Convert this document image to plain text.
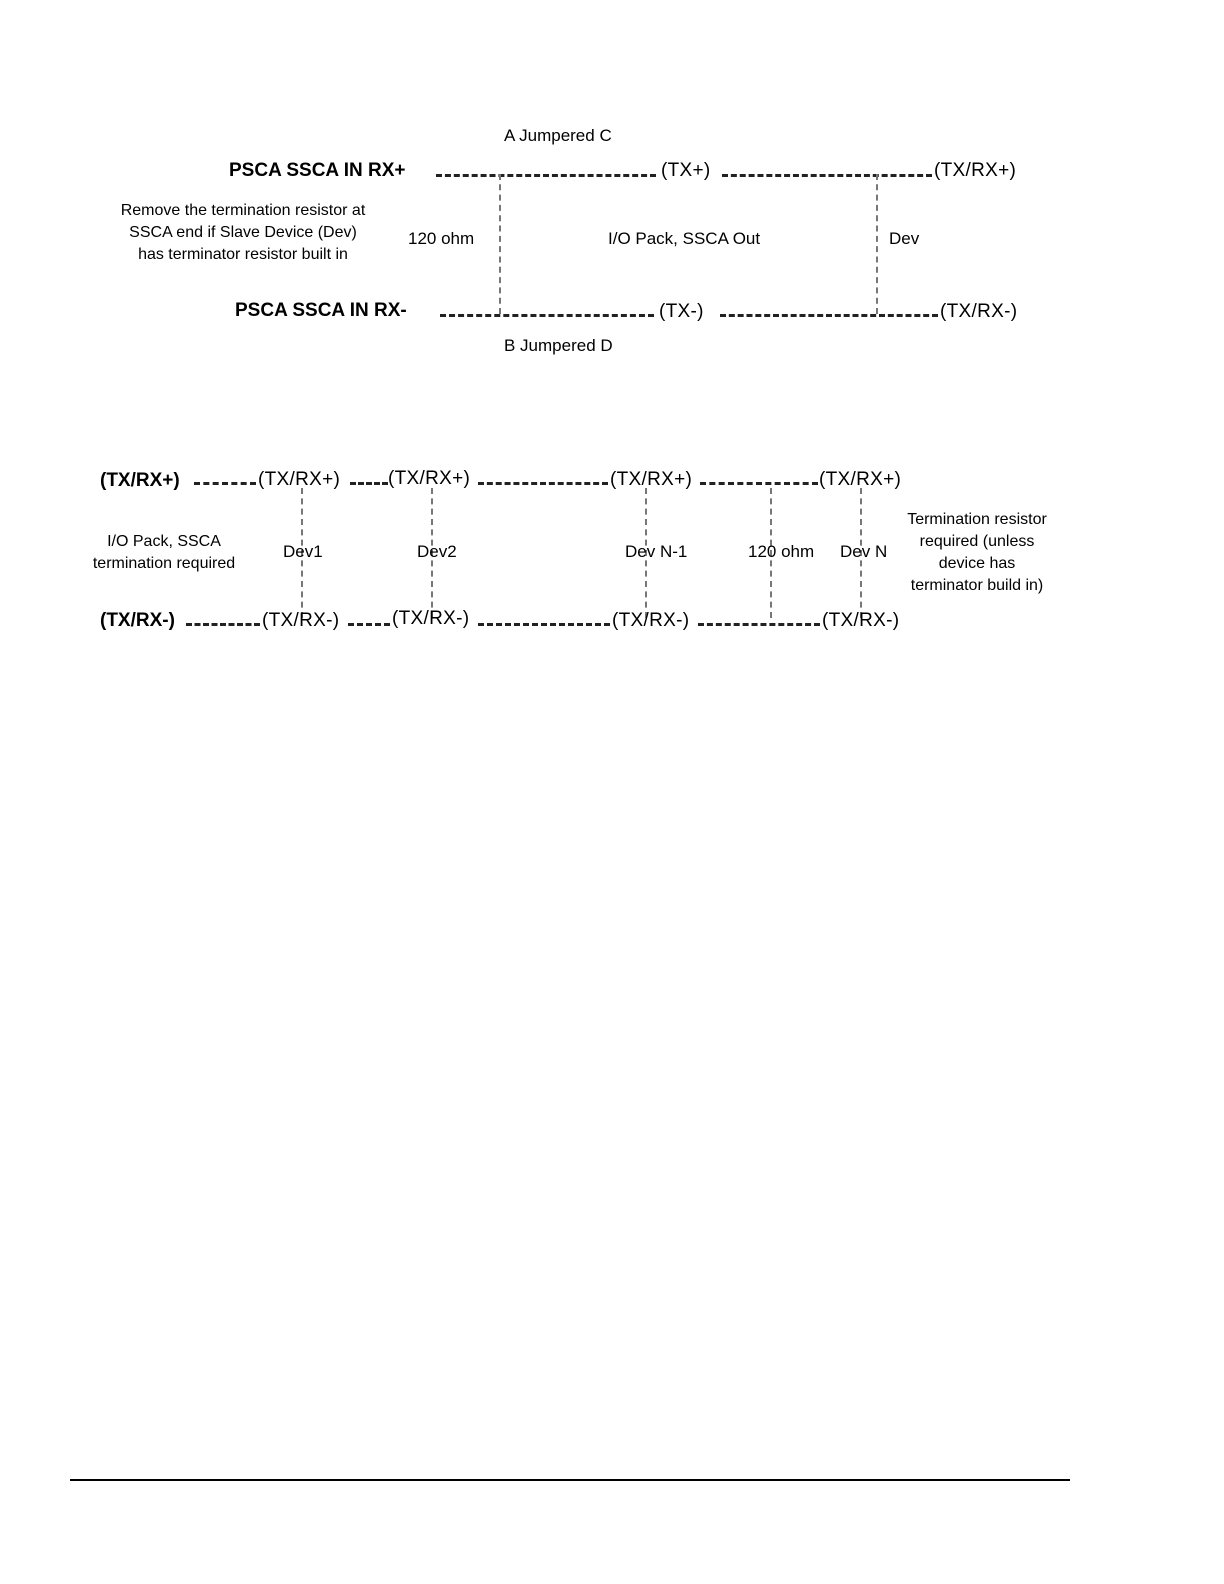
A Jumpered C
PSCA SSCA IN RX+	(TX+)	(TX/RX+)
Remove the termination resistor at
SSCA end if Slave Device (Dev)
has terminator resistor built in
120 ohm	I/O Pack, SSCA Out	Dev
PSCA SSCA IN RX-	(TX-)	(TX/RX-)
B Jumpered D
(TX/RX+)	(TX/RX+)	(TX/RX+)	(TX/RX+)	(TX/RX+)
I/O Pack, SSCA
termination required
Dev1	Dev2	Dev N-1	120 ohm Dev N
Termination resistor
required (unless
device has
terminator build in)
(TX/RX-)	(TX/RX-)	(TX/RX-)	(TX/RX-)	(TX/RX-)
